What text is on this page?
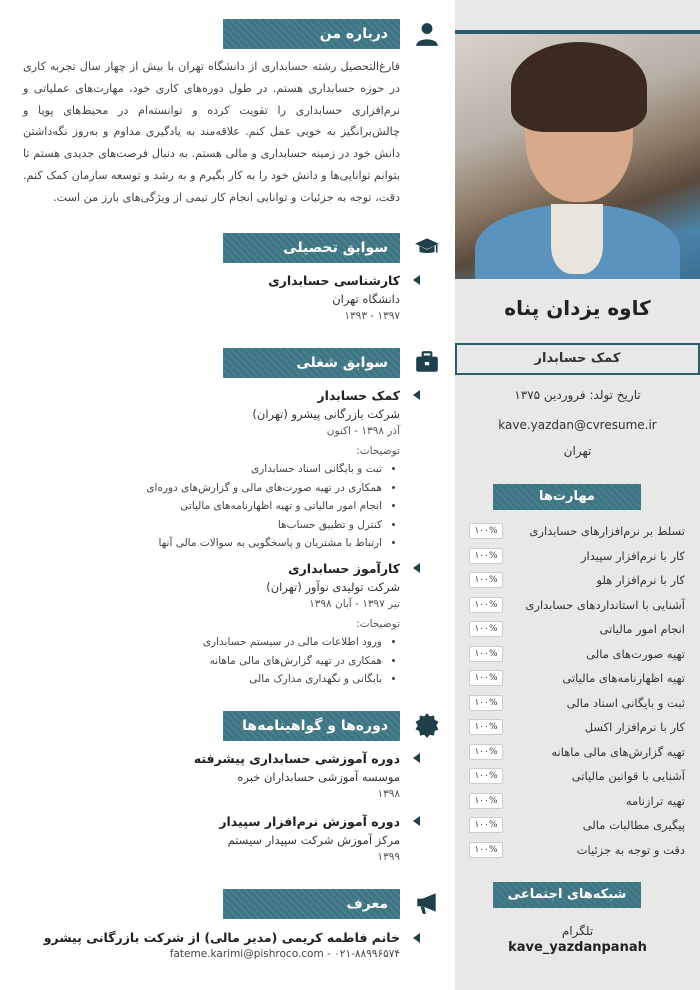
کاوه یزدان پناه
کمک حسابدار
تاریخ تولد: فروردین ۱۳۷۵
kave.yazdan@cvresume.ir
تهران
مهارت‌ها
تسلط بر نرم‌افزارهای حسابداری
۱۰۰%
کار با نرم‌افزار سپیدار
۱۰۰%
کار با نرم‌افزار هلو
۱۰۰%
آشنایی با استانداردهای حسابداری
۱۰۰%
انجام امور مالیاتی
۱۰۰%
تهیه صورت‌های مالی
۱۰۰%
تهیه اظهارنامه‌های مالیاتی
۱۰۰%
ثبت و بایگانی اسناد مالی
۱۰۰%
کار با نرم‌افزار اکسل
۱۰۰%
تهیه گزارش‌های مالی ماهانه
۱۰۰%
آشنایی با قوانین مالیاتی
۱۰۰%
تهیه ترازنامه
۱۰۰%
پیگیری مطالبات مالی
۱۰۰%
دقت و توجه به جزئیات
۱۰۰%
شبکه‌های اجتماعی
تلگرام
kave_yazdanpanah
درباره من
فارغ‌التحصیل رشته حسابداری از دانشگاه تهران با بیش از چهار سال تجربه کاری در حوزه حسابداری هستم. در طول دوره‌های کاری خود، مهارت‌های عملیاتی و نرم‌افزاری حسابداری را تقویت کرده و توانسته‌ام در محیط‌های پویا و چالش‌برانگیز به خوبی عمل کنم. علاقه‌مند به یادگیری مداوم و به‌روز نگه‌داشتن دانش خود در زمینه حسابداری و مالی هستم. به دنبال فرصت‌های جدیدی هستم تا بتوانم توانایی‌ها و دانش خود را به کار بگیرم و به رشد و توسعه سازمان کمک کنم. دقت، توجه به جزئیات و توانایی انجام کار تیمی از ویژگی‌های بارز من است.
سوابق تحصیلی
کارشناسی حسابداری
دانشگاه تهران
۱۳۹۷ - ۱۳۹۳
سوابق شغلی
کمک حسابدار
شرکت بازرگانی پیشرو (تهران)
آذر ۱۳۹۸ - اکنون
توضیحات:
• ثبت و بایگانی اسناد حسابداری
• همکاری در تهیه صورت‌های مالی و گزارش‌های دوره‌ای
• انجام امور مالیاتی و تهیه اظهارنامه‌های مالیاتی
• کنترل و تطبیق حساب‌ها
• ارتباط با مشتریان و پاسخگویی به سوالات مالی آنها
کارآموز حسابداری
شرکت تولیدی نوآور (تهران)
تیر ۱۳۹۷ - آبان ۱۳۹۸
توضیحات:
• ورود اطلاعات مالی در سیستم حسابداری
• همکاری در تهیه گزارش‌های مالی ماهانه
• بایگانی و نگهداری مدارک مالی
دوره‌ها و گواهینامه‌ها
دوره آموزشی حسابداری پیشرفته
موسسه آموزشی حسابداران خبره
۱۳۹۸
دوره آموزش نرم‌افزار سپیدار
مرکز آموزش شرکت سپیدار سیستم
۱۳۹۹
معرف
خانم فاطمه کریمی (مدیر مالی) از شرکت بازرگانی پیشرو
fateme.karimi@pishroco.com - ۰۲۱-۸۸۹۹۶۵۷۴
